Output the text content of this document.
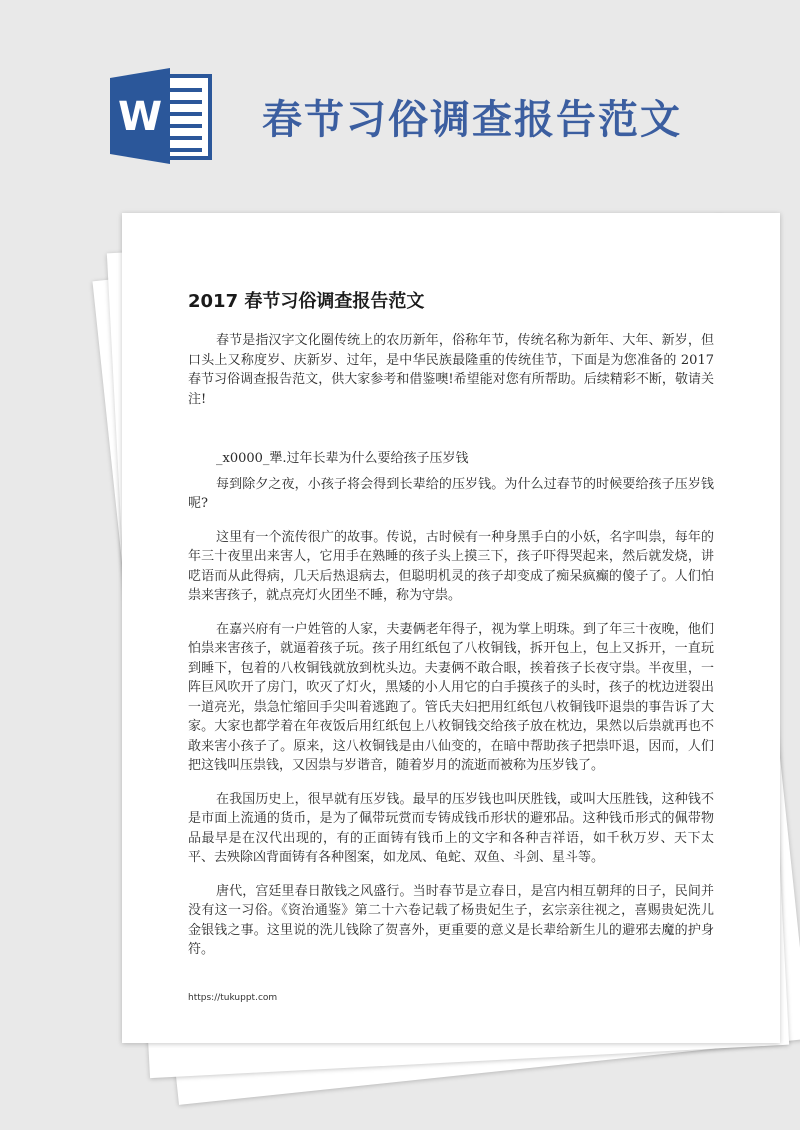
W 春节习俗调查报告范文
2017 春节习俗调查报告范文

春节是指汉字文化圈传统上的农历新年，俗称年节，传统名称为新年、大年、新岁，但口头上又称度岁、庆新岁、过年，是中华民族最隆重的传统佳节，下面是为您准备的 2017 春节习俗调查报告范文，供大家参考和借鉴噢!希望能对您有所帮助。后续精彩不断，敬请关注!

_x0000_犟.过年长辈为什么要给孩子压岁钱

每到除夕之夜，小孩子将会得到长辈给的压岁钱。为什么过春节的时候要给孩子压岁钱呢?

这里有一个流传很广的故事。传说，古时候有一种身黑手白的小妖，名字叫祟，每年的年三十夜里出来害人，它用手在熟睡的孩子头上摸三下，孩子吓得哭起来，然后就发烧，讲呓语而从此得病，几天后热退病去，但聪明机灵的孩子却变成了痴呆疯癫的傻子了。人们怕祟来害孩子，就点亮灯火团坐不睡，称为守祟。

在嘉兴府有一户姓管的人家，夫妻俩老年得子，视为掌上明珠。到了年三十夜晚，他们怕祟来害孩子，就逼着孩子玩。孩子用红纸包了八枚铜钱，拆开包上，包上又拆开，一直玩到睡下，包着的八枚铜钱就放到枕头边。夫妻俩不敢合眼，挨着孩子长夜守祟。半夜里，一阵巨风吹开了房门，吹灭了灯火，黑矮的小人用它的白手摸孩子的头时，孩子的枕边迸裂出一道亮光，祟急忙缩回手尖叫着逃跑了。管氏夫妇把用红纸包八枚铜钱吓退祟的事告诉了大家。大家也都学着在年夜饭后用红纸包上八枚铜钱交给孩子放在枕边，果然以后祟就再也不敢来害小孩子了。原来，这八枚铜钱是由八仙变的，在暗中帮助孩子把祟吓退，因而，人们把这钱叫压祟钱，又因祟与岁谐音，随着岁月的流逝而被称为压岁钱了。

在我国历史上，很早就有压岁钱。最早的压岁钱也叫厌胜钱，或叫大压胜钱，这种钱不是市面上流通的货币，是为了佩带玩赏而专铸成钱币形状的避邪品。这种钱币形式的佩带物品最早是在汉代出现的，有的正面铸有钱币上的文字和各种吉祥语，如千秋万岁、天下太平、去殃除凶背面铸有各种图案，如龙凤、龟蛇、双鱼、斗剑、星斗等。

唐代，宫廷里春日散钱之风盛行。当时春节是立春日，是宫内相互朝拜的日子，民间并没有这一习俗。《资治通鉴》第二十六卷记载了杨贵妃生子，玄宗亲往视之，喜赐贵妃洗儿金银钱之事。这里说的洗儿钱除了贺喜外，更重要的意义是长辈给新生儿的避邪去魔的护身符。

https://tukuppt.com
